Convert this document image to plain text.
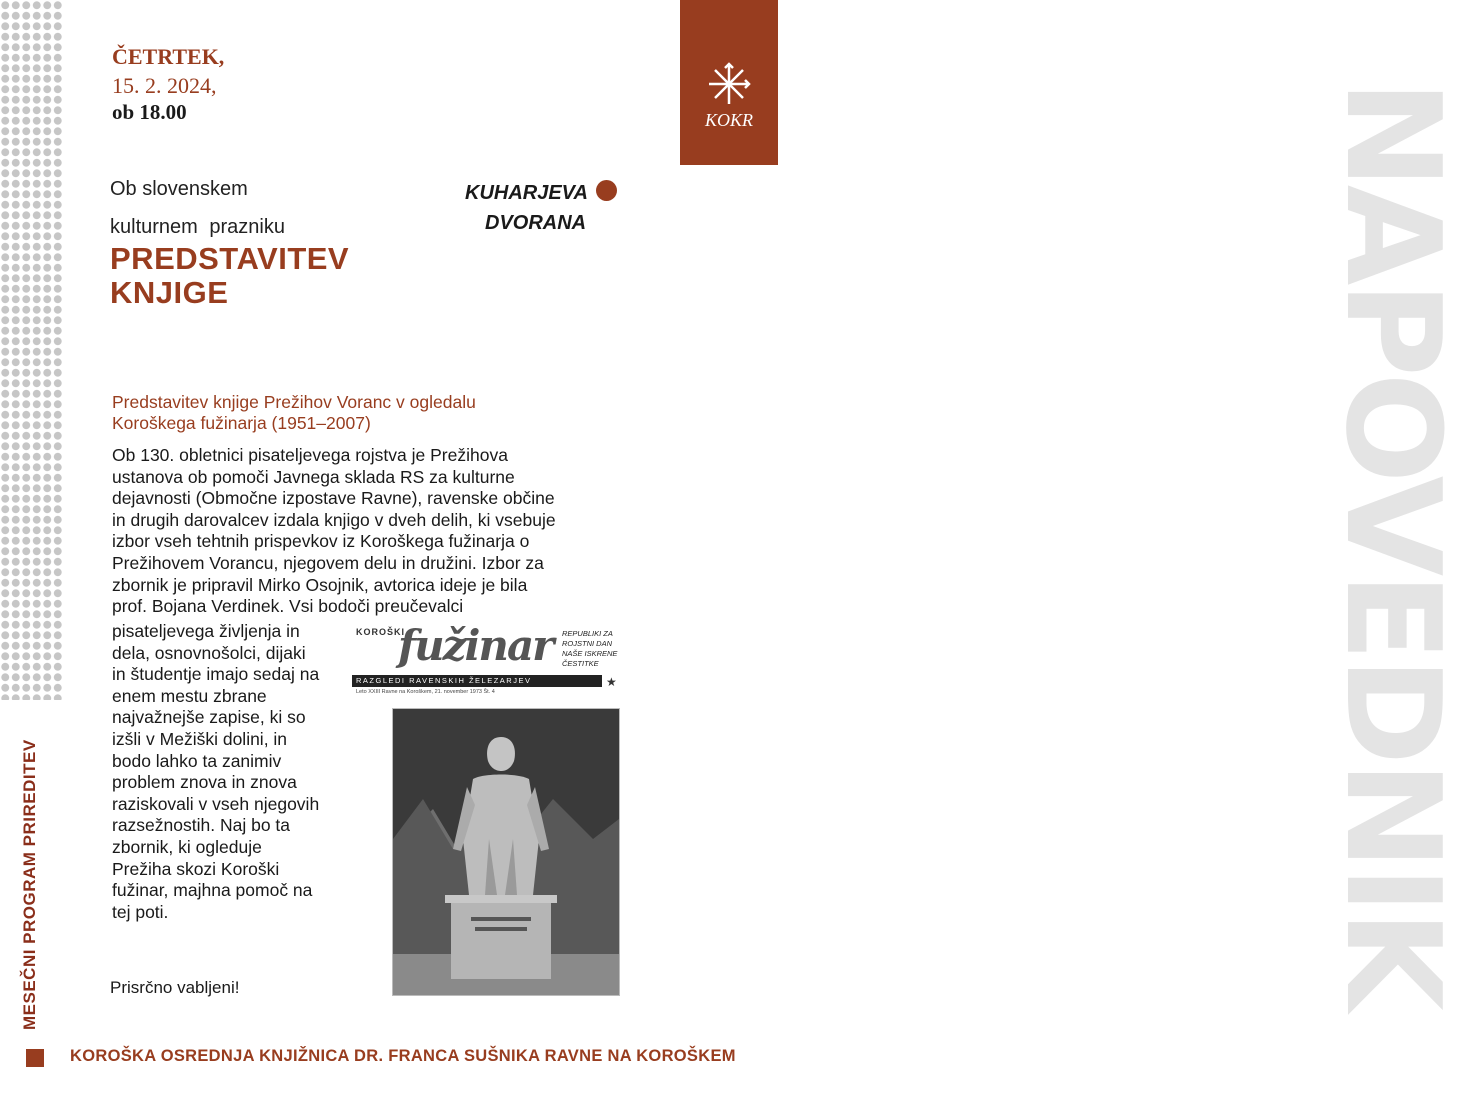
NAPOVEDNIK
KOKR
ČETRTEK,
15. 2. 2024,
ob 18.00
Ob slovenskem
kulturnem prazniku
PREDSTAVITEV
KNJIGE
KUHARJEVA
DVORANA
Predstavitev knjige Prežihov Voranc v ogledalu
Koroškega fužinarja (1951–2007)
Ob 130. obletnici pisateljevega rojstva je Prežihova
ustanova ob pomoči Javnega sklada RS za kulturne
dejavnosti (Območne izpostave Ravne), ravenske občine
in drugih darovalcev izdala knjigo v dveh delih, ki vsebuje
izbor vseh tehtnih prispevkov iz Koroškega fužinarja o
Prežihovem Vorancu, njegovem delu in družini. Izbor za
zbornik je pripravil Mirko Osojnik, avtorica ideje je bila
prof. Bojana Verdinek. Vsi bodoči preučevalci
pisateljevega življenja in
dela, osnovnošolci, dijaki
in študentje imajo sedaj na
enem mestu zbrane
najvažnejše zapise, ki so
izšli v Mežiški dolini, in
bodo lahko ta zanimiv
problem znova in znova
raziskovali v vseh njegovih
razsežnostih. Naj bo ta
zbornik, ki ogleduje
Prežiha skozi Koroški
fužinar, majhna pomoč na
tej poti.
KOROŠKI
fužinar REPUBLIKI ZA ROJSTNI DAN NAŠE ISKRENE ČESTITKE
★
RAZGLEDI RAVENSKIH ŽELEZARJEV
Leto XXIII Ravne na Koroškem, 21. november 1973 Št. 4
Prisrčno vabljeni!
MESEČNI PROGRAM PRIREDITEV
KOROŠKA OSREDNJA KNJIŽNICA DR. FRANCA SUŠNIKA RAVNE NA KOROŠKEM
